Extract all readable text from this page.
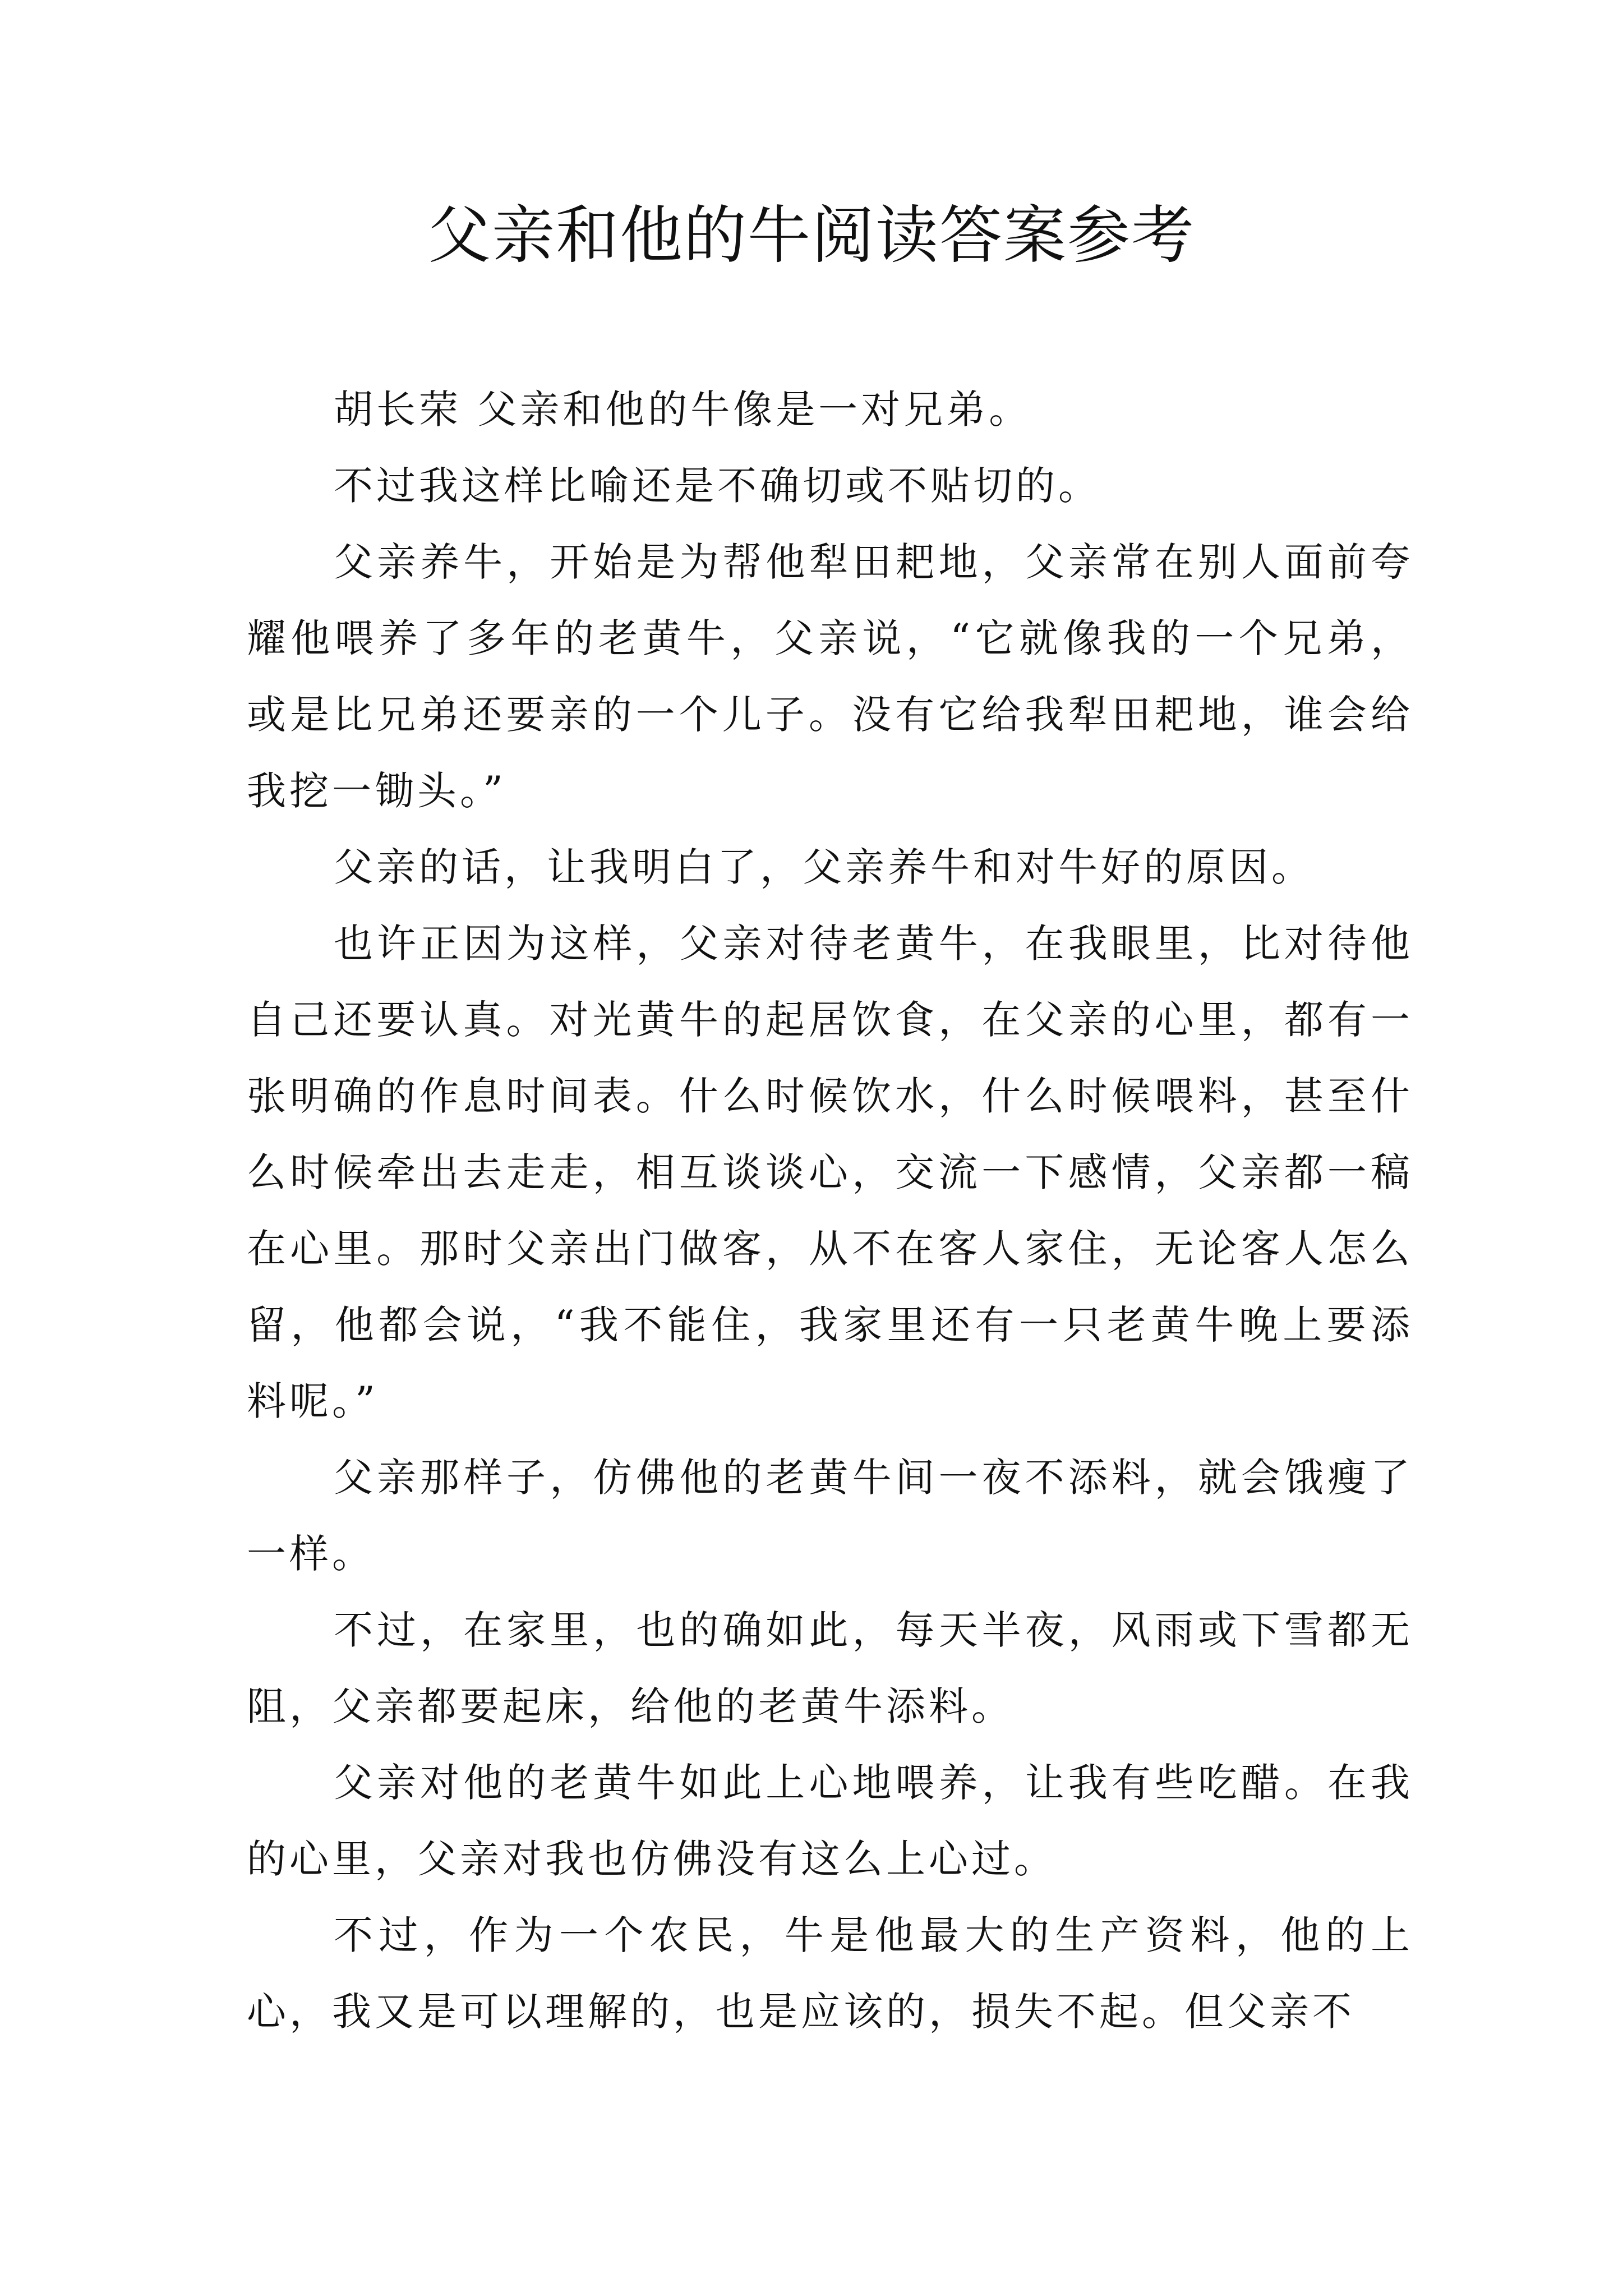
父亲和他的牛阅读答案参考

胡长荣 父亲和他的牛像是一对兄弟。

不过我这样比喻还是不确切或不贴切的。

父亲养牛，开始是为帮他犁田耙地，父亲常在别人面前夸耀他喂养了多年的老黄牛，父亲说，“它就像我的一个兄弟，或是比兄弟还要亲的一个儿子。没有它给我犁田耙地，谁会给我挖一锄头。”

父亲的话，让我明白了，父亲养牛和对牛好的原因。

也许正因为这样，父亲对待老黄牛，在我眼里，比对待他自己还要认真。对光黄牛的起居饮食，在父亲的心里，都有一张明确的作息时间表。什么时候饮水，什么时候喂料，甚至什么时候牵出去走走，相互谈谈心，交流一下感情，父亲都一稿在心里。那时父亲出门做客，从不在客人家住，无论客人怎么留，他都会说，“我不能住，我家里还有一只老黄牛晚上要添料呢。”

父亲那样子，仿佛他的老黄牛间一夜不添料，就会饿瘦了一样。

不过，在家里，也的确如此，每天半夜，风雨或下雪都无阻，父亲都要起床，给他的老黄牛添料。

父亲对他的老黄牛如此上心地喂养，让我有些吃醋。在我的心里，父亲对我也仿佛没有这么上心过。

不过，作为一个农民，牛是他最大的生产资料，他的上心，我又是可以理解的，也是应该的，损失不起。但父亲不
